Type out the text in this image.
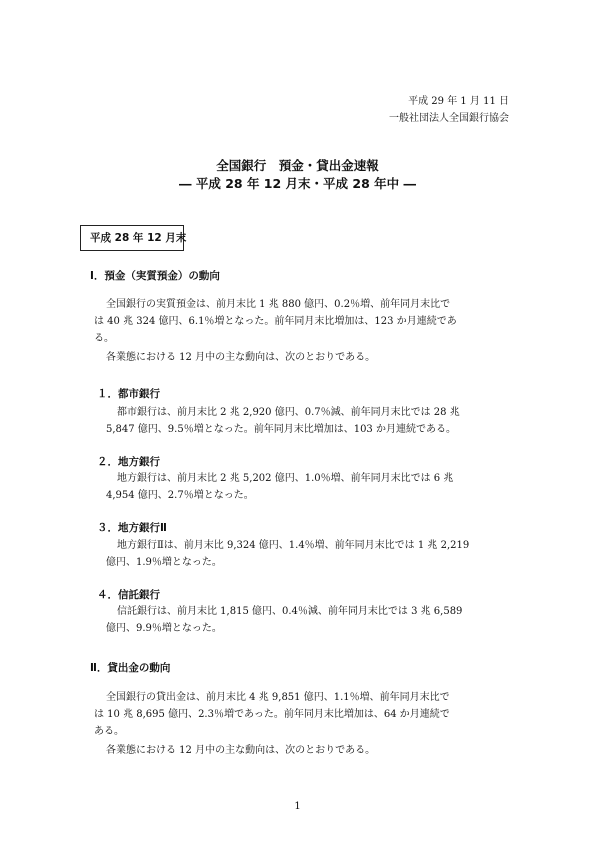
平成 29 年 1 月 11 日
一般社団法人全国銀行協会
全国銀行　預金・貸出金速報
― 平成 28 年 12 月末・平成 28 年中 ―
平成 28 年 12 月末
Ⅰ．預金（実質預金）の動向
全国銀行の実質預金は、前月末比 1 兆 880 億円、0.2％増、前年同月末比で
は 40 兆 324 億円、6.1％増となった。前年同月末比増加は、123 か月連続であ
る。
各業態における 12 月中の主な動向は、次のとおりである。
１．都市銀行
都市銀行は、前月末比 2 兆 2,920 億円、0.7％減、前年同月末比では 28 兆
5,847 億円、9.5％増となった。前年同月末比増加は、103 か月連続である。
２．地方銀行
地方銀行は、前月末比 2 兆 5,202 億円、1.0％増、前年同月末比では 6 兆
4,954 億円、2.7％増となった。
３．地方銀行Ⅱ
地方銀行Ⅱは、前月末比 9,324 億円、1.4％増、前年同月末比では 1 兆 2,219
億円、1.9％増となった。
４．信託銀行
信託銀行は、前月末比 1,815 億円、0.4％減、前年同月末比では 3 兆 6,589
億円、9.9％増となった。
Ⅱ．貸出金の動向
全国銀行の貸出金は、前月末比 4 兆 9,851 億円、1.1％増、前年同月末比で
は 10 兆 8,695 億円、2.3％増であった。前年同月末比増加は、64 か月連続で
ある。
各業態における 12 月中の主な動向は、次のとおりである。
1
